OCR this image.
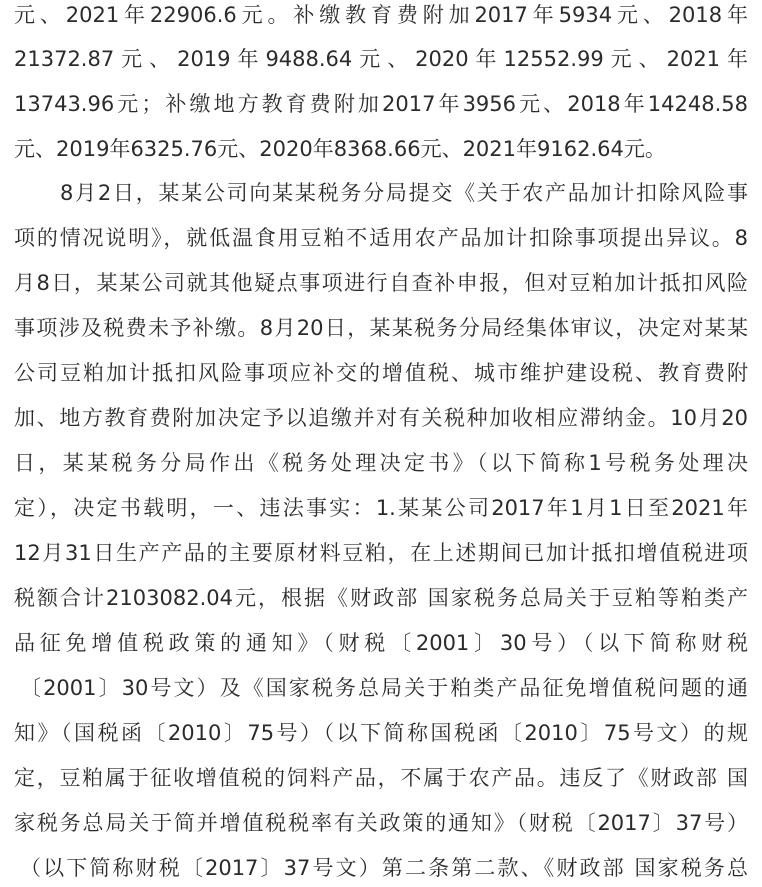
元、2021年22906.6元。补缴教育费附加2017年5934元、2018年
21372.87元、2019年9488.64元、2020年12552.99元、2021年
13743.96元；补缴地方教育费附加2017年3956元、2018年14248.58
元、2019年6325.76元、2020年8368.66元、2021年9162.64元。
8月2日，某某公司向某某税务分局提交《关于农产品加计扣除风险事
项的情况说明》，就低温食用豆粕不适用农产品加计扣除事项提出异议。8
月8日，某某公司就其他疑点事项进行自查补申报，但对豆粕加计抵扣风险
事项涉及税费未予补缴。8月20日，某某税务分局经集体审议，决定对某某
公司豆粕加计抵扣风险事项应补交的增值税、城市维护建设税、教育费附
加、地方教育费附加决定予以追缴并对有关税种加收相应滞纳金。10月20
日，某某税务分局作出《税务处理决定书》（以下简称1号税务处理决
定），决定书载明，一、违法事实：1.某某公司2017年1月1日至2021年
12月31日生产产品的主要原材料豆粕，在上述期间已加计抵扣增值税进项
税额合计2103082.04元，根据《财政部 国家税务总局关于豆粕等粕类产
品征免增值税政策的通知》（财税〔2001〕30号）（以下简称财税
〔2001〕30号文）及《国家税务总局关于粕类产品征免增值税问题的通
知》（国税函〔2010〕75号）（以下简称国税函〔2010〕75号文）的规
定，豆粕属于征收增值税的饲料产品，不属于农产品。违反了《财政部 国
家税务总局关于简并增值税税率有关政策的通知》（财税〔2017〕37号）
（以下简称财税〔2017〕37号文）第二条第二款、《财政部 国家税务总
